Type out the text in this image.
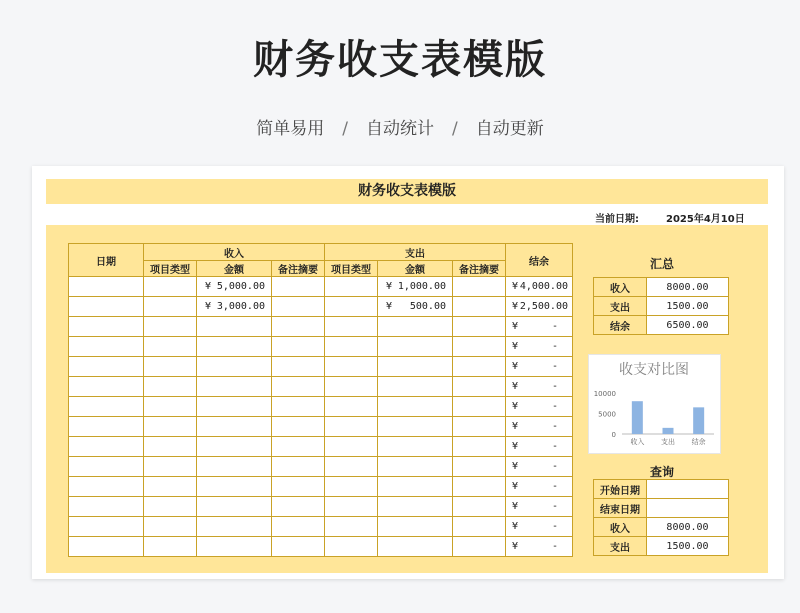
财务收支表模版
简单易用 / 自动统计 / 自动更新
财务收支表模版
当前日期:	2025年4月10日
日期	收入			支出			结余
	项目类型	金额	备注摘要	项目类型	金额	备注摘要	

		¥ 5,000.00			¥ 1,000.00		¥ 4,000.00

		¥ 3,000.00			¥ 500.00		¥ 2,500.00

							¥ -

							¥ -

							¥ -

							¥ -

							¥ -

							¥ -

							¥ -

							¥ -

							¥ -

							¥ -

							¥ -

							¥ -
汇总
收入	8000.00
支出	1500.00
结余	6500.00
收支对比图
10000
5000
0
收入 支出 结余
查询
开始日期	
结束日期	
收入	8000.00
支出	1500.00
